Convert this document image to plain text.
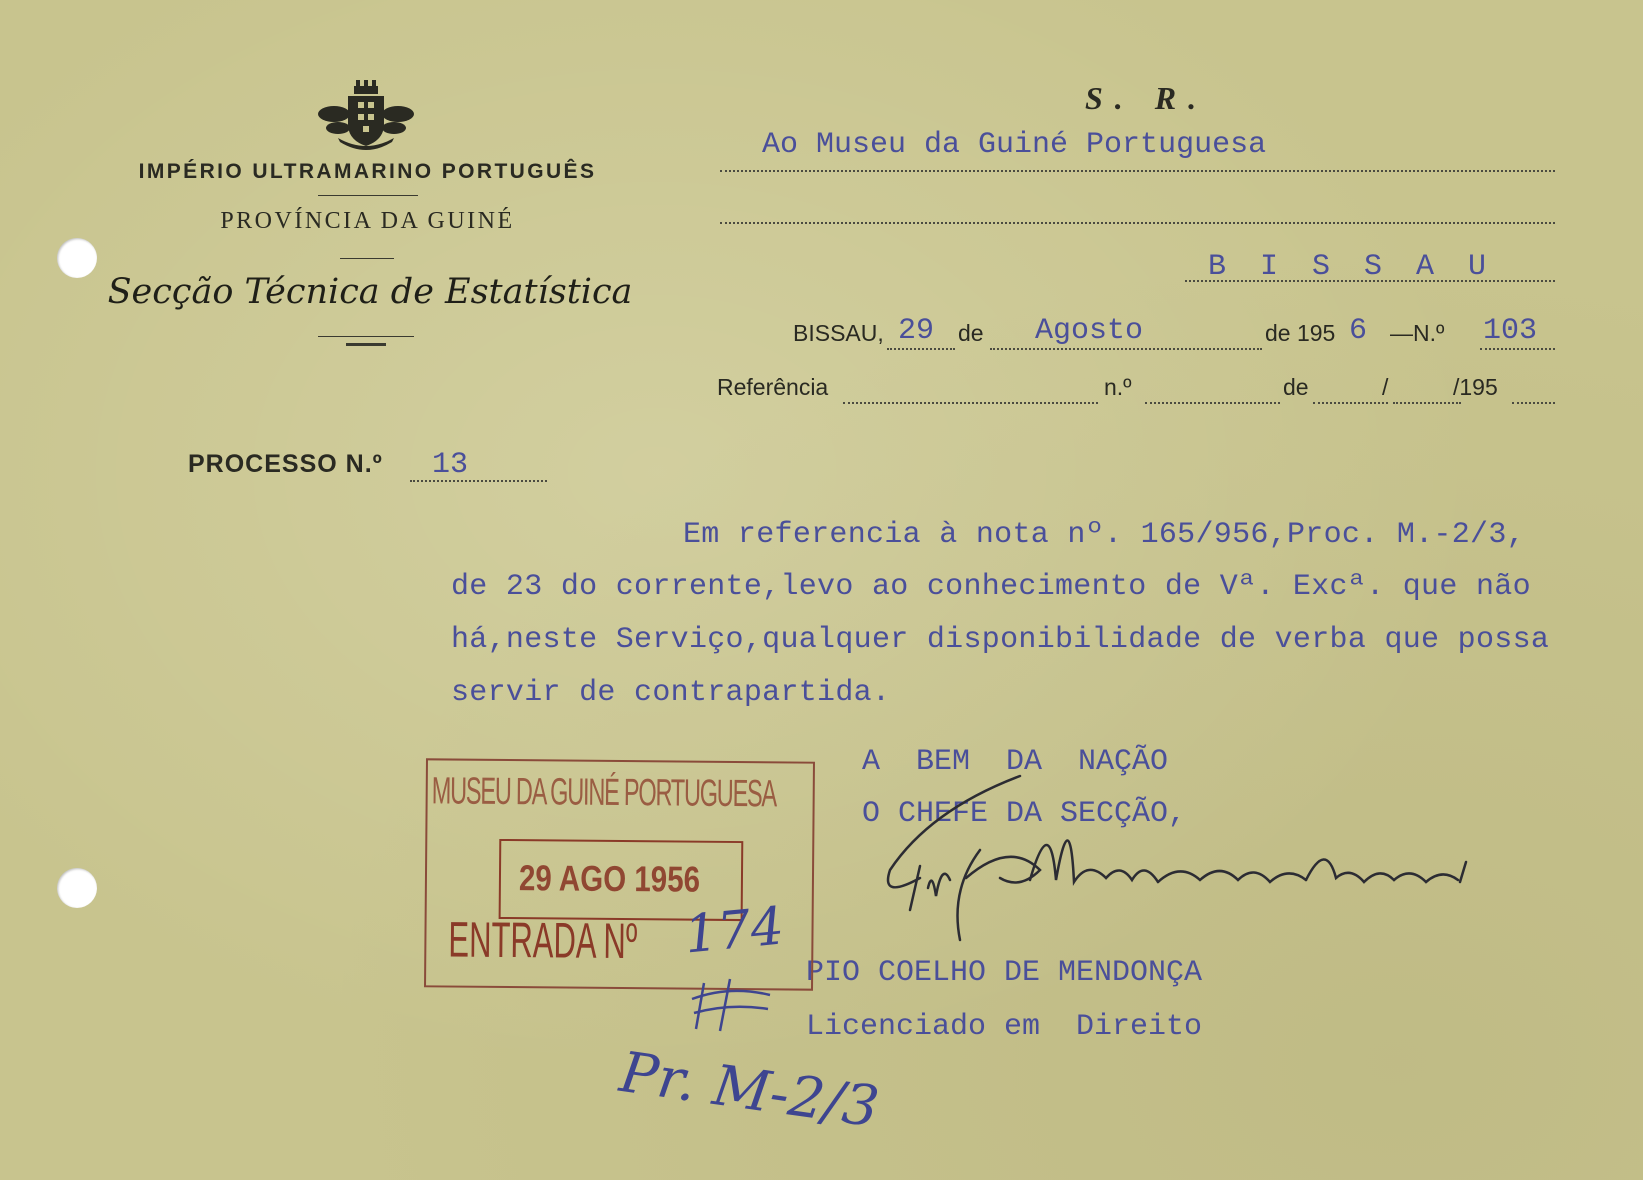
IMPÉRIO ULTRAMARINO PORTUGUÊS
PROVÍNCIA DA GUINÉ
Secção Técnica de Estatística
S. R.
Ao Museu da Guiné Portuguesa
B I S S A U
BISSAU, 29 de Agosto	de 195 6 —N.º 103
Referência	n.º	de	/	/195
PROCESSO N.º 13
Em referencia à nota nº. 165/956,Proc. M.-2/3,
de 23 do corrente,levo ao conhecimento de Vª. Excª. que não
há,neste Serviço,qualquer disponibilidade de verba que possa
servir de contrapartida.
A  BEM  DA  NAÇÃO
O CHEFE DA SECÇÃO,
PIO COELHO DE MENDONÇA
Licenciado em  Direito
MUSEU DA GUINÉ PORTUGUESA
29 AGO 1956
ENTRADA Nº 174
Pr. M-2/3
